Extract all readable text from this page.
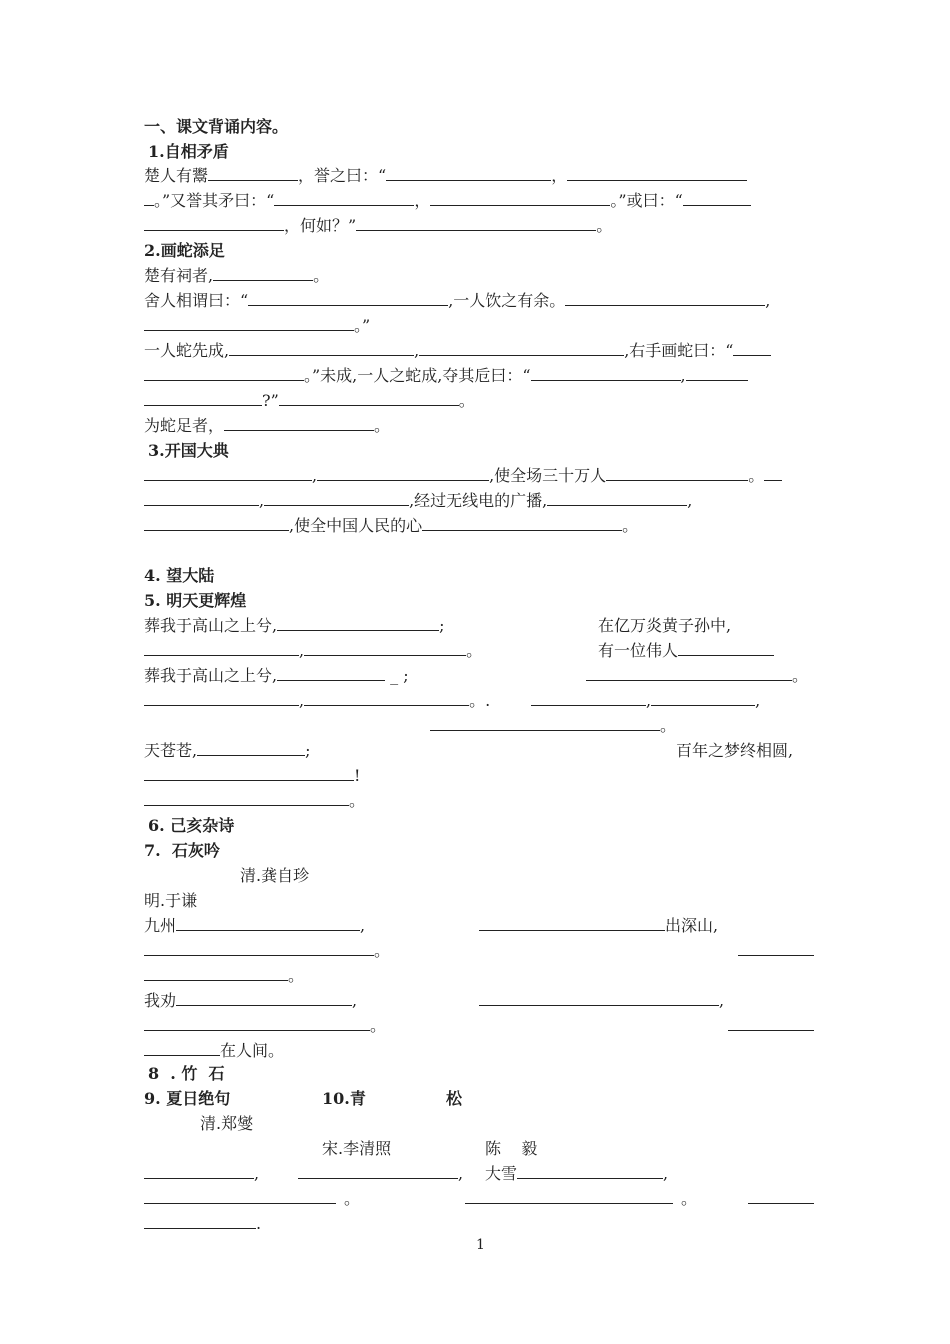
一、课文背诵内容。
1.自相矛盾
楚人有鬻	，誉之曰：“	，
。”又誉其矛曰：“	，	。”或曰：“
，何如？”	。
2.画蛇添足
楚有祠者,	。
舍人相谓曰：“	,一人饮之有余。	,
。”
一人蛇先成,	,	,右手画蛇曰：“
。”未成,一人之蛇成,夺其卮曰：“	,
?”	。
为蛇足者，	。
3.开国大典
,	,使全场三十万人	。
,	,经过无线电的广播,	,
,使全中国人民的心	。
4. 望大陆
5. 明天更辉煌
葬我于高山之上兮,	;	在亿万炎黄子孙中,
,	。	有一位伟人
葬我于高山之上兮,	_ ;	。
,	。.	,	,
。
天苍苍,	;	百年之梦终相圆,
!
。
6. 己亥杂诗
7.  石灰吟
清.龚自珍
明.于谦
九州	,	出深山,
。
。
我劝	,	,
。
在人间。
8  . 竹  石
9. 夏日绝句	10.青	松
清.郑燮
宋.李清照	陈    毅
,	, 大雪	,
。	。
.
1
